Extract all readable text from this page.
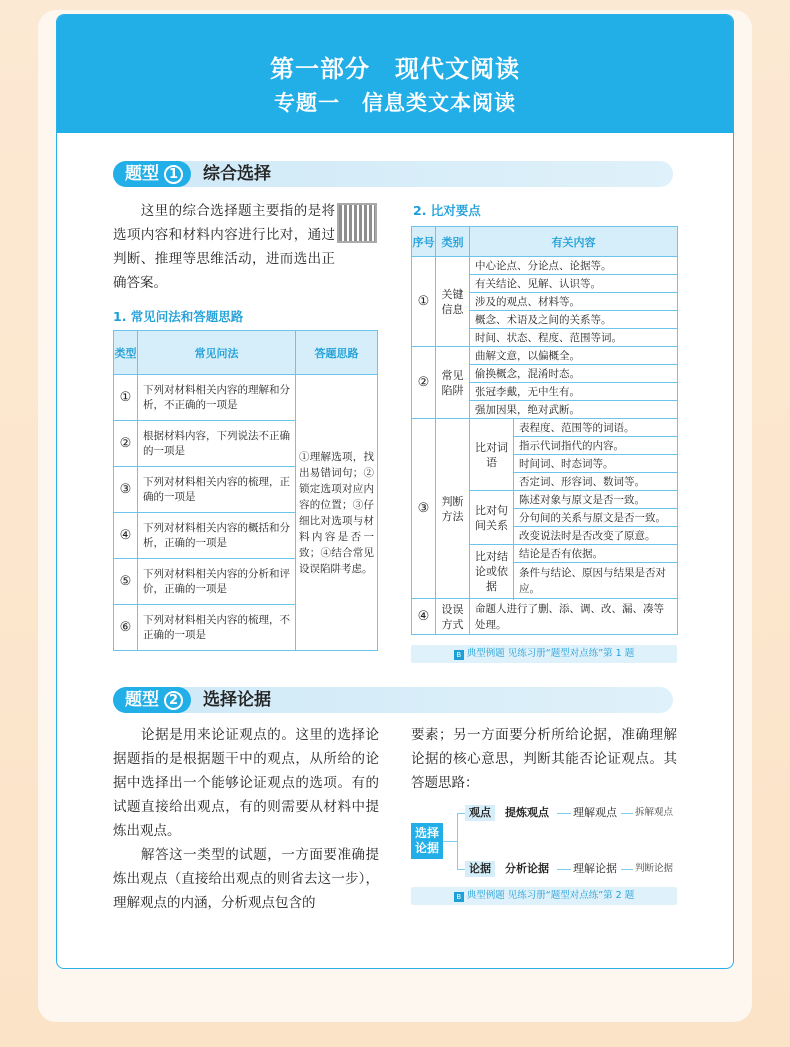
第一部分　现代文阅读
专题一　信息类文本阅读
题型 1 综合选择
　　这里的综合选择题主要指的是将选项内容和材料内容进行比对，通过判断、推理等思维活动，进而选出正确答案。
1. 常见问法和答题思路
类型	常见问法	答题思路
①	下列对材料相关内容的理解和分析，不正确的一项是	①理解选项，找出易错词句；②锁定选项对应内容的位置；③仔细比对选项与材料内容是否一致；④结合常见设误陷阱考虑。
②	根据材料内容，下列说法不正确的一项是	
③	下列对材料相关内容的梳理，正确的一项是	
④	下列对材料相关内容的概括和分析，正确的一项是	
⑤	下列对材料相关内容的分析和评价，正确的一项是	
⑥	下列对材料相关内容的梳理，不正确的一项是	
2. 比对要点
序号	类别	有关内容	
①	关键信息	中心论点、分论点、论据等。	
		有关结论、见解、认识等。	
		涉及的观点、材料等。	
		概念、术语及之间的关系等。	
		时间、状态、程度、范围等词。	
②	常见陷阱	曲解文意，以偏概全。	
		偷换概念，混淆时态。	
		张冠李戴，无中生有。	
		强加因果，绝对武断。	
③	判断方法	比对词语	表程度、范围等的词语。
			指示代词指代的内容。
			时间词、时态词等。
			否定词、形容词、数词等。
		比对句间关系	陈述对象与原文是否一致。
			分句间的关系与原文是否一致。
			改变说法时是否改变了原意。
		比对结论或依据	结论是否有依据。
			条件与结论、原因与结果是否对应。

④	设误方式	命题人进行了删、添、调、改、漏、凑等处理。	
B 典型例题 见练习册“题型对点练”第 1 题
题型 2 选择论据
　　论据是用来论证观点的。这里的选择论据题指的是根据题干中的观点，从所给的论据中选择出一个能够论证观点的选项。有的试题直接给出观点，有的则需要从材料中提炼出观点。
　　解答这一类型的试题，一方面要准确提炼出观点（直接给出观点的则省去这一步），理解观点的内涵，分析观点包含的
要素；另一方面要分析所给论据，准确理解论据的核心意思，判断其能否论证观点。其答题思路：
选择论据
观点	提炼观点 理解观点 拆解观点
论据	分析论据 理解论据 判断论据
B 典型例题 见练习册“题型对点练”第 2 题
